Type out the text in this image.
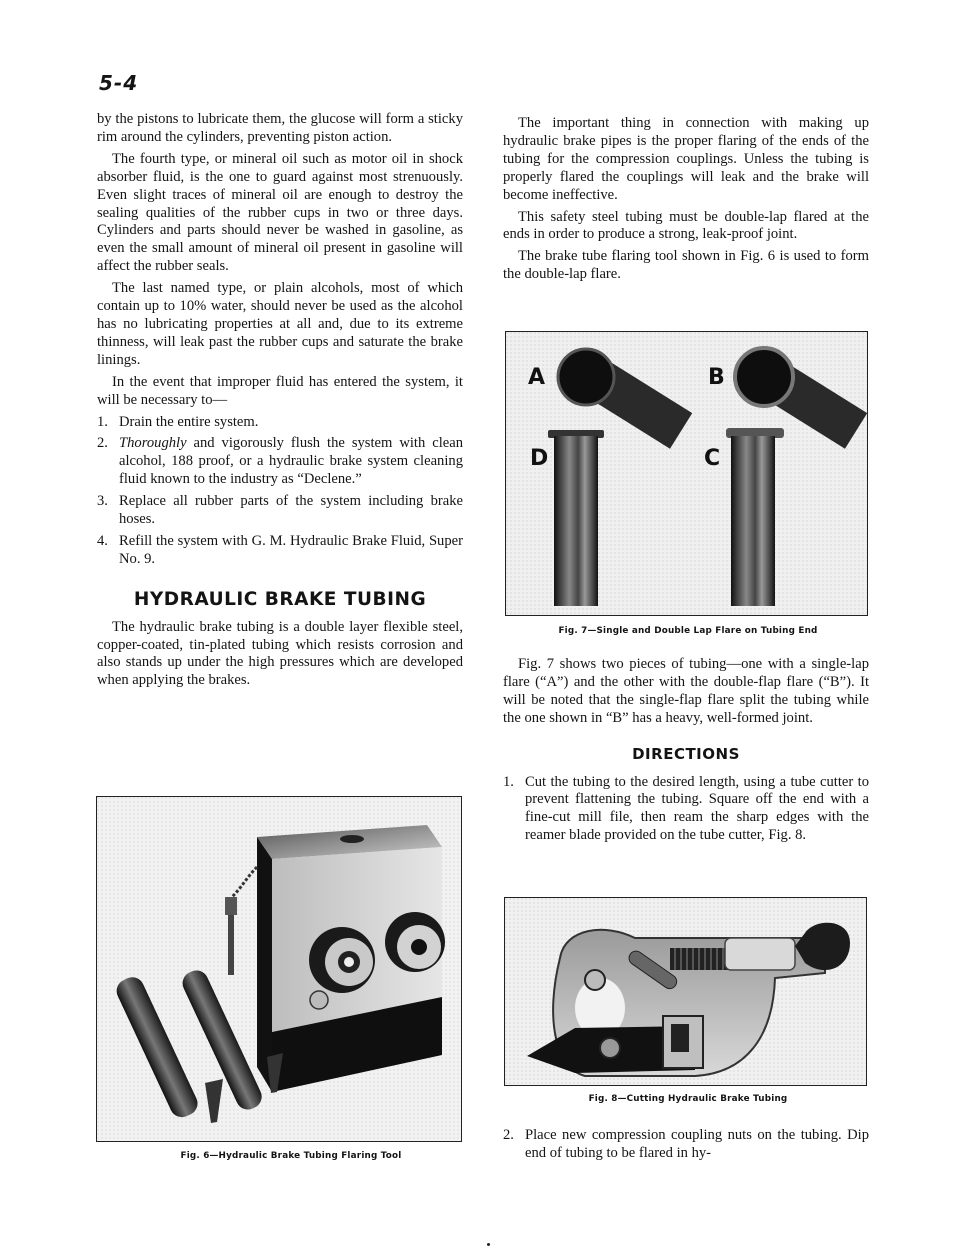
5-4

by the pistons to lubricate them, the glucose will form a sticky rim around the cylinders, preventing piston action.

The fourth type, or mineral oil such as motor oil in shock absorber fluid, is the one to guard against most strenuously. Even slight traces of mineral oil are enough to destroy the sealing qualities of the rubber cups in two or three days. Cylinders and parts should never be washed in gasoline, as even the small amount of mineral oil present in gasoline will affect the rubber seals.

The last named type, or plain alcohols, most of which contain up to 10% water, should never be used as the alcohol has no lubricating properties at all and, due to its extreme thinness, will leak past the rubber cups and saturate the brake linings.

In the event that improper fluid has entered the system, it will be necessary to—

1. Drain the entire system.
2. Thoroughly and vigorously flush the system with clean alcohol, 188 proof, or a hydraulic brake system cleaning fluid known to the industry as “Declene.”
3. Replace all rubber parts of the system including brake hoses.
4. Refill the system with G. M. Hydraulic Brake Fluid, Super No. 9.
HYDRAULIC BRAKE TUBING

The hydraulic brake tubing is a double layer flexible steel, copper-coated, tin-plated tubing which resists corrosion and also stands up under the high pressures which are developed when applying the brakes.

Fig. 6—Hydraulic Brake Tubing Flaring Tool

The important thing in connection with making up hydraulic brake pipes is the proper flaring of the ends of the tubing for the compression couplings. Unless the tubing is properly flared the couplings will leak and the brake will become ineffective.

This safety steel tubing must be double-lap flared at the ends in order to produce a strong, leak-proof joint.

The brake tube flaring tool shown in Fig. 6 is used to form the double-lap flare.

A	B
C
D
Fig. 7—Single and Double Lap Flare on Tubing End

Fig. 7 shows two pieces of tubing—one with a single-lap flare (“A”) and the other with the double-flap flare (“B”). It will be noted that the single-flap flare split the tubing while the one shown in “B” has a heavy, well-formed joint.

DIRECTIONS
1. Cut the tubing to the desired length, using a tube cutter to prevent flattening the tubing. Square off the end with a fine-cut mill file, then ream the sharp edges with the reamer blade provided on the tube cutter, Fig. 8.
Fig. 8—Cutting Hydraulic Brake Tubing
2. Place new compression coupling nuts on the tubing. Dip end of tubing to be flared in hy-
